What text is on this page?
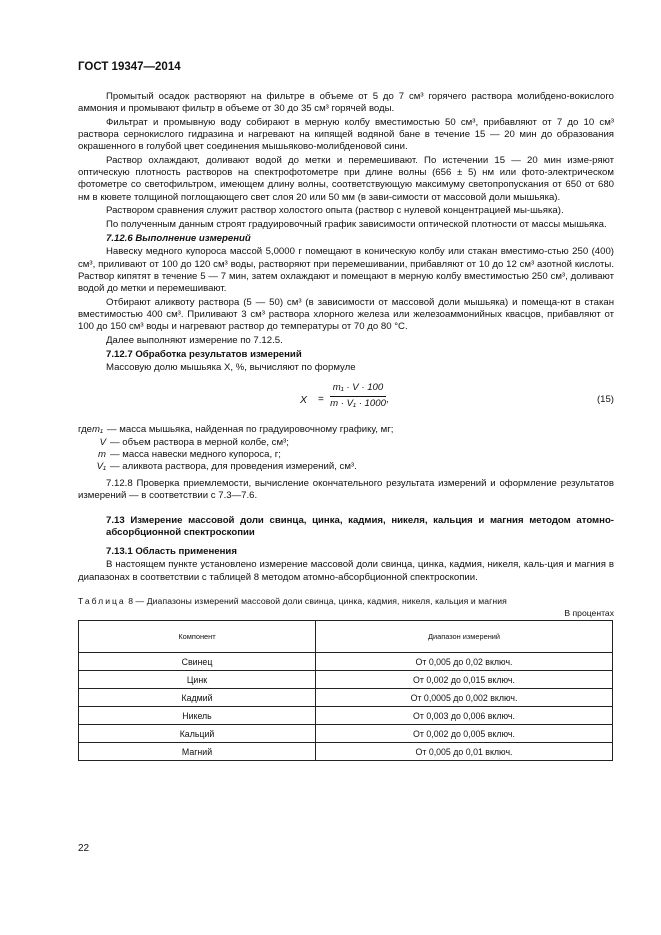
ГОСТ 19347—2014

Промытый осадок растворяют на фильтре в объеме от 5 до 7 см³ горячего раствора молибдено-вокислого аммония и промывают фильтр в объеме от 30 до 35 см³ горячей воды.

Фильтрат и промывную воду собирают в мерную колбу вместимостью 50 см³, прибавляют от 7 до 10 см³ раствора сернокислого гидразина и нагревают на кипящей водяной бане в течение 15 — 20 мин до образования окрашенного в голубой цвет соединения мышьяково-молибденовой сини.

Раствор охлаждают, доливают водой до метки и перемешивают. По истечении 15 — 20 мин изме-ряют оптическую плотность растворов на спектрофотометре при длине волны (656 ± 5) нм или фото-электрическом фотометре со светофильтром, имеющем длину волны, соответствующую максимуму светопропускания от 650 от 680 нм в кювете толщиной поглощающего свет слоя 20 или 50 мм (в зави-симости от массовой доли мышьяка).

Раствором сравнения служит раствор холостого опыта (раствор с нулевой концентрацией мы-шьяка).

По полученным данным строят градуировочный график зависимости оптической плотности от массы мышьяка.

7.12.6 Выполнение измерений

Навеску медного купороса массой 5,0000 г помещают в коническую колбу или стакан вместимо-стью 250 (400) см³, приливают от 100 до 120 см³ воды, растворяют при перемешивании, прибавляют от 10 до 12 см³ азотной кислоты. Раствор кипятят в течение 5 — 7 мин, затем охлаждают и помещают в мерную колбу вместимостью 250 см³, доливают водой до метки и перемешивают.

Отбирают аликвоту раствора (5 — 50) см³ (в зависимости от массовой доли мышьяка) и помеща-ют в стакан вместимостью 400 см³. Приливают 3 см³ раствора хлорного железа или железоаммонийных квасцов, прибавляют от 100 до 150 см³ воды и нагревают раствор до температуры от 70 до 80 °С.

Далее выполняют измерение по 7.12.5.

7.12.7 Обработка результатов измерений

Массовую долю мышьяка X, %, вычисляют по формуле

$X = \frac{\text{m₁ · V · 100}}{\text{m · V₁ · 1000}}$ ,	(15)
где m₁ — масса мышьяка, найденная по градуировочному графику, мг;
V — объем раствора в мерной колбе, см³;
m — масса навески медного купороса, г;
V₁ — аликвота раствора, для проведения измерений, см³.

7.12.8 Проверка приемлемости, вычисление окончательного результата измерений и оформление результатов измерений — в соответствии с 7.3—7.6.

7.13 Измерение массовой доли свинца, цинка, кадмия, никеля, кальция и магния методом атомно-абсорбционной спектроскопии

7.13.1 Область применения

В настоящем пункте установлено измерение массовой доли свинца, цинка, кадмия, никеля, каль-ция и магния в диапазонах в соответствии с таблицей 8 методом атомно-абсорбционной спектроскопии.

Таблица 8 — Диапазоны измерений массовой доли свинца, цинка, кадмия, никеля, кальция и магния
В процентах
Компонент	Диапазон измерений
Свинец	От 0,005 до 0,02 включ.
Цинк	От 0,002 до 0,015 включ.
Кадмий	От 0,0005 до 0,002 включ.
Никель	От 0,003 до 0,006 включ.
Кальций	От 0,002 до 0,005 включ.
Магний	От 0,005 до 0,01 включ.
22
